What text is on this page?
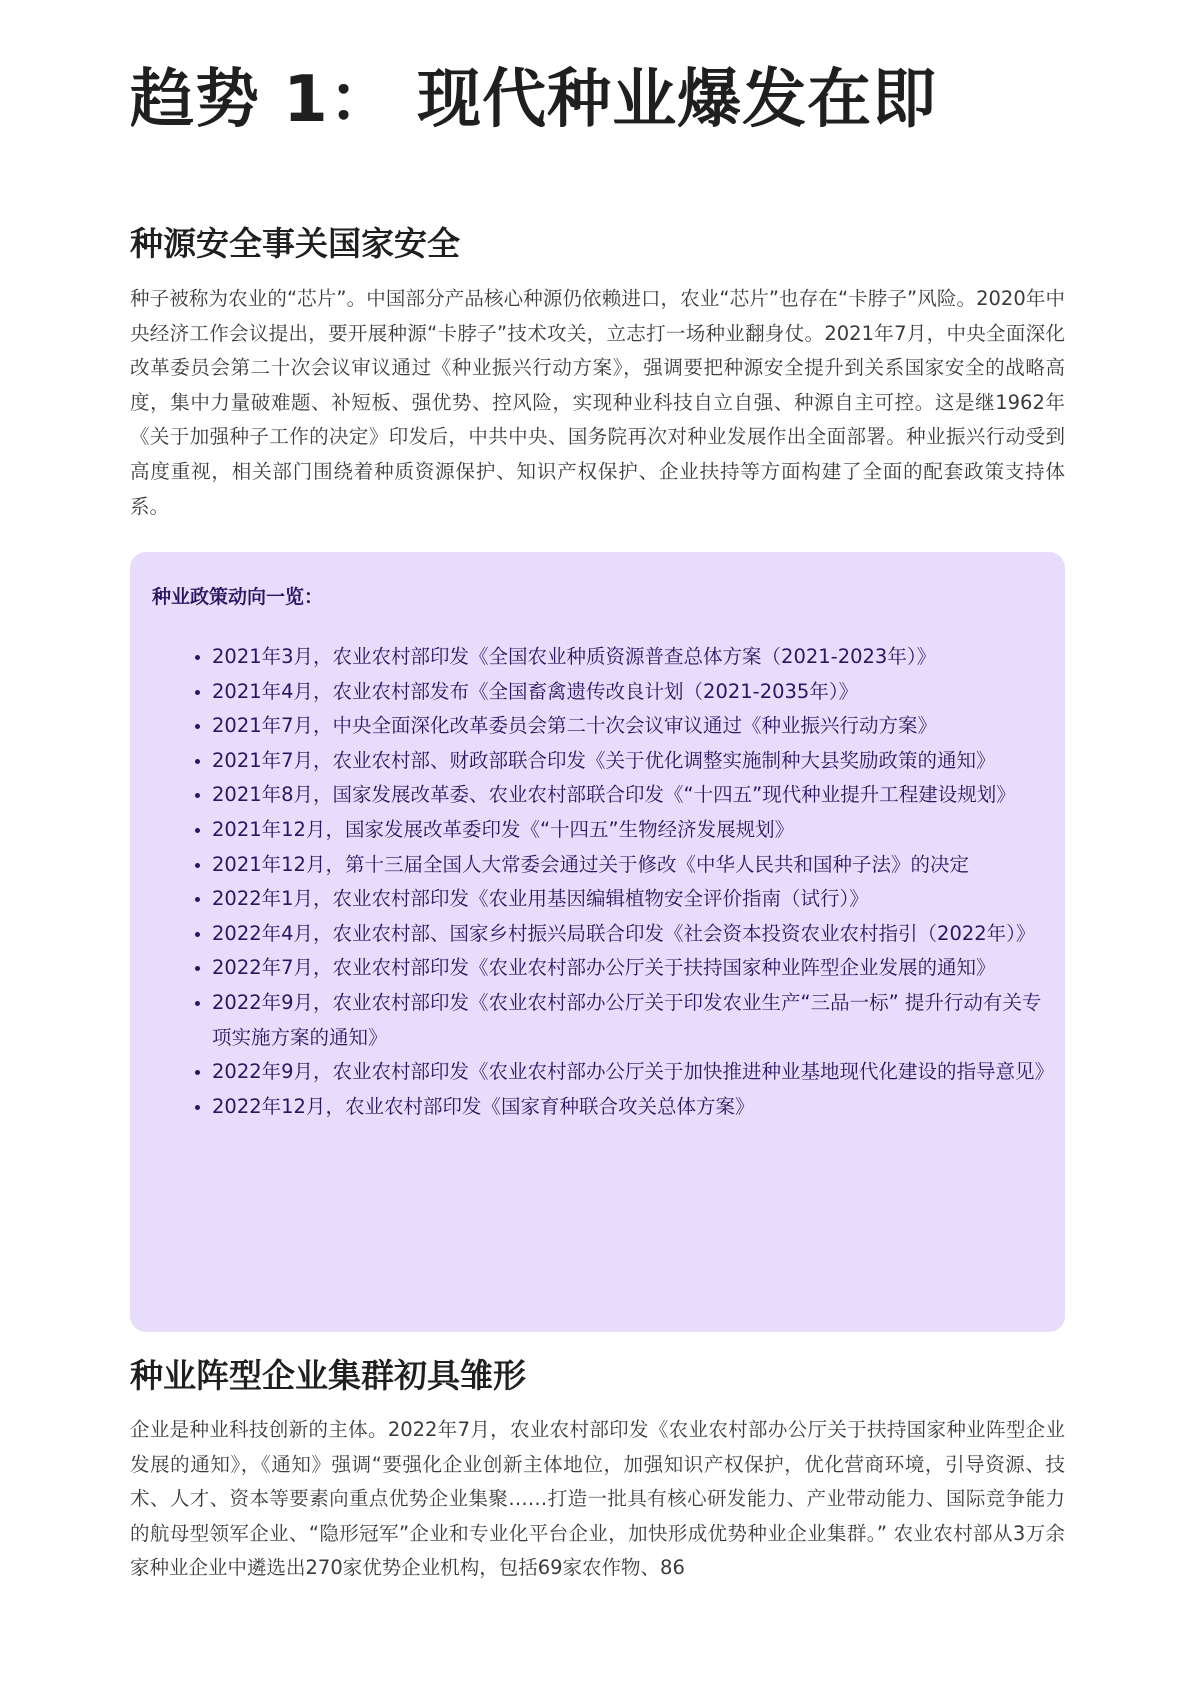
趋势 1： 现代种业爆发在即
种源安全事关国家安全

种子被称为农业的“芯片”。中国部分产品核心种源仍依赖进口，农业“芯片”也存在“卡脖子”风险。2020年中央经济工作会议提出，要开展种源“卡脖子”技术攻关，立志打一场种业翻身仗。2021年7月，中央全面深化改革委员会第二十次会议审议通过《种业振兴行动方案》，强调要把种源安全提升到关系国家安全的战略高度，集中力量破难题、补短板、强优势、控风险，实现种业科技自立自强、种源自主可控。这是继1962年《关于加强种子工作的决定》印发后，中共中央、国务院再次对种业发展作出全面部署。种业振兴行动受到高度重视，相关部门围绕着种质资源保护、知识产权保护、企业扶持等方面构建了全面的配套政策支持体系。

种业政策动向一览：

• 2021年3月，农业农村部印发《全国农业种质资源普查总体方案（2021-2023年）》
• 2021年4月，农业农村部发布《全国畜禽遗传改良计划（2021-2035年）》
• 2021年7月，中央全面深化改革委员会第二十次会议审议通过《种业振兴行动方案》
• 2021年7月，农业农村部、财政部联合印发《关于优化调整实施制种大县奖励政策的通知》
• 2021年8月，国家发展改革委、农业农村部联合印发《“十四五”现代种业提升工程建设规划》
• 2021年12月，国家发展改革委印发《“十四五”生物经济发展规划》
• 2021年12月，第十三届全国人大常委会通过关于修改《中华人民共和国种子法》的决定
• 2022年1月，农业农村部印发《农业用基因编辑植物安全评价指南（试行）》
• 2022年4月，农业农村部、国家乡村振兴局联合印发《社会资本投资农业农村指引（2022年）》
• 2022年7月，农业农村部印发《农业农村部办公厅关于扶持国家种业阵型企业发展的通知》
• 2022年9月，农业农村部印发《农业农村部办公厅关于印发农业生产“三品一标” 提升行动有关专项实施方案的通知》
• 2022年9月，农业农村部印发《农业农村部办公厅关于加快推进种业基地现代化建设的指导意见》
• 2022年12月，农业农村部印发《国家育种联合攻关总体方案》
种业阵型企业集群初具雏形

企业是种业科技创新的主体。2022年7月，农业农村部印发《农业农村部办公厅关于扶持国家种业阵型企业发展的通知》，《通知》强调“要强化企业创新主体地位，加强知识产权保护，优化营商环境，引导资源、技术、人才、资本等要素向重点优势企业集聚……打造一批具有核心研发能力、产业带动能力、国际竞争能力的航母型领军企业、“隐形冠军”企业和专业化平台企业，加快形成优势种业企业集群。” 农业农村部从3万余家种业企业中遴选出270家优势企业机构，包括69家农作物、86
